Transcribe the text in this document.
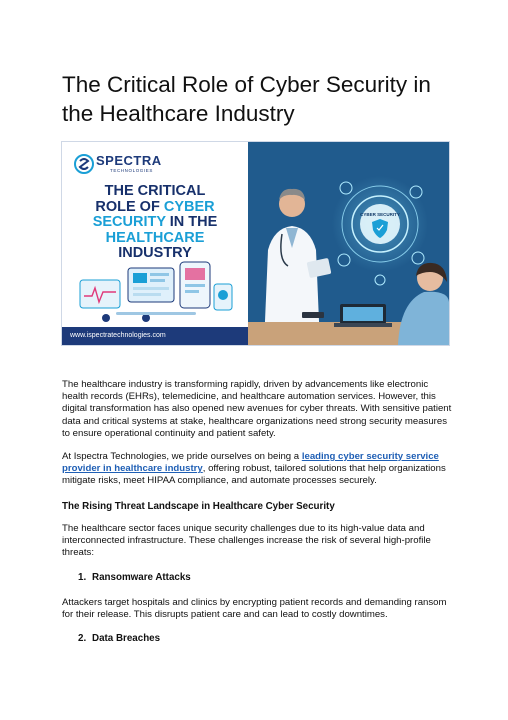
The Critical Role of Cyber Security in the Healthcare Industry
SPECTRA
TECHNOLOGIES
THE CRITICAL
ROLE OF CYBER
SECURITY IN THE
HEALTHCARE
INDUSTRY
www.ispectratechnologies.com
CYBER SECURITY

The healthcare industry is transforming rapidly, driven by advancements like electronic health records (EHRs), telemedicine, and healthcare automation services. However, this digital transformation has also opened new avenues for cyber threats. With sensitive patient data and critical systems at stake, healthcare organizations need strong security measures to ensure operational continuity and patient safety.

At Ispectra Technologies, we pride ourselves on being a leading cyber security service provider in healthcare industry, offering robust, tailored solutions that help organizations mitigate risks, meet HIPAA compliance, and automate processes securely.

The Rising Threat Landscape in Healthcare Cyber Security

The healthcare sector faces unique security challenges due to its high-value data and interconnected infrastructure. These challenges increase the risk of several high-profile threats:

1. Ransomware Attacks

Attackers target hospitals and clinics by encrypting patient records and demanding ransom for their release. This disrupts patient care and can lead to costly downtimes.

2. Data Breaches
